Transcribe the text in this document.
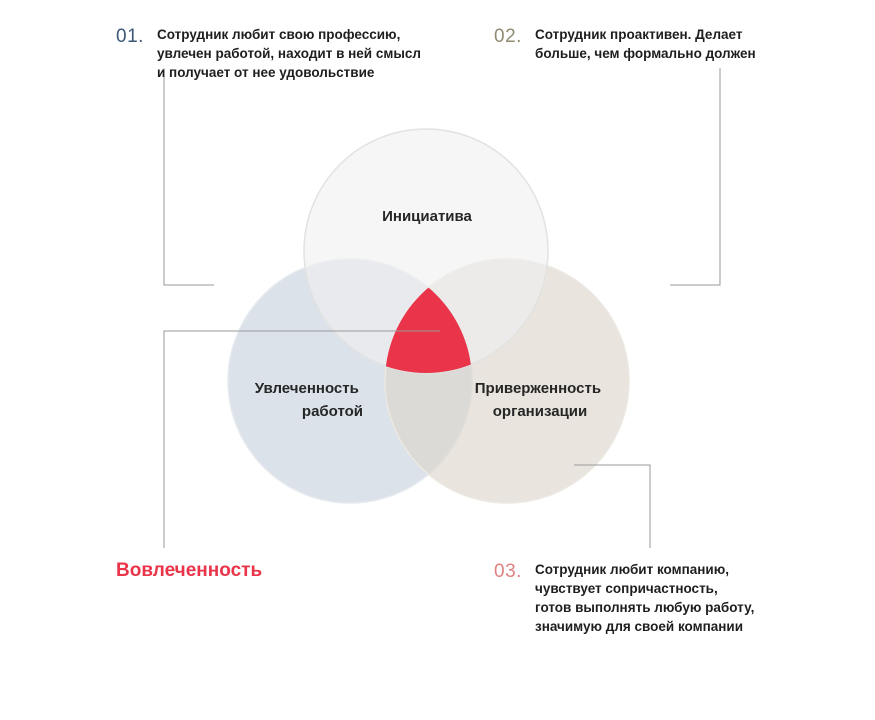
Инициатива
Увлеченность работой
Приверженность организации
01. Сотрудник любит свою профессию,
увлечен работой, находит в ней смысл
и получает от нее удовольствие
02. Сотрудник проактивен. Делает
больше, чем формально должен
03. Сотрудник любит компанию,
чувствует сопричастность,
готов выполнять любую работу,
значимую для своей компании
Вовлеченность
